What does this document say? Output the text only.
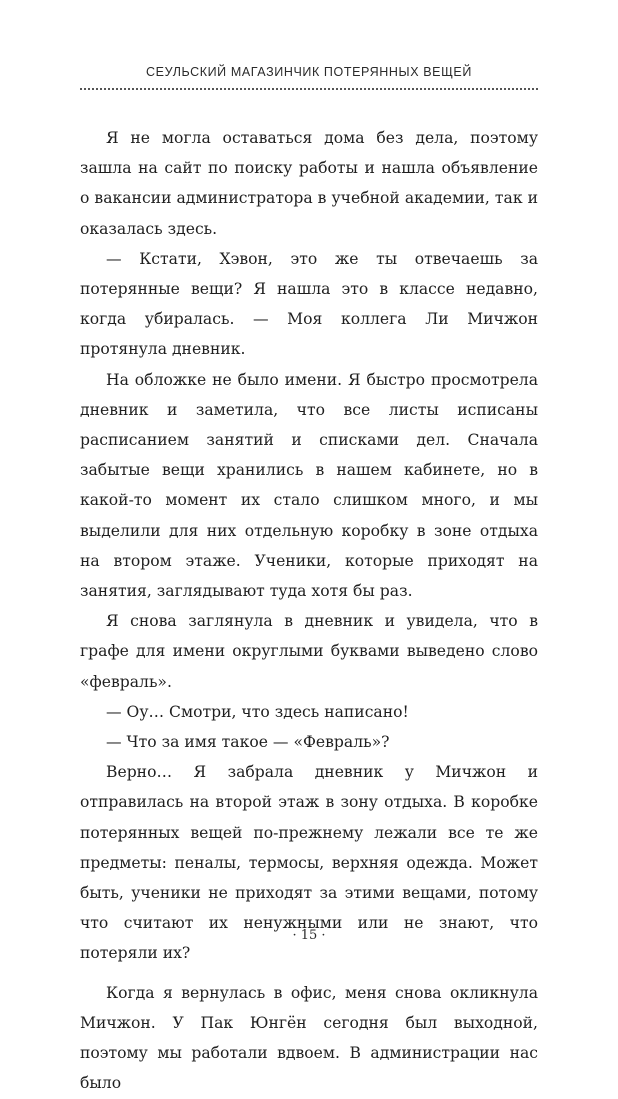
СЕУЛЬСКИЙ МАГАЗИНЧИК ПОТЕРЯННЫХ ВЕЩЕЙ

Я не могла оставаться дома без дела, поэтому зашла на сайт по поиску работы и нашла объявление о вакансии администратора в учебной академии, так и оказалась здесь.

— Кстати, Хэвон, это же ты отвечаешь за потерянные вещи? Я нашла это в классе недавно, когда убиралась. — Моя коллега Ли Мичжон протянула дневник.

На обложке не было имени. Я быстро просмотрела дневник и заметила, что все листы исписаны расписанием занятий и списками дел. Сначала забытые вещи хранились в нашем кабинете, но в какой-то момент их стало слишком много, и мы выделили для них отдельную коробку в зоне отдыха на втором этаже. Ученики, которые приходят на занятия, заглядывают туда хотя бы раз.

Я снова заглянула в дневник и увидела, что в графе для имени округлыми буквами выведено слово «февраль».

— Оу… Смотри, что здесь написано!

— Что за имя такое — «Февраль»?

Верно… Я забрала дневник у Мичжон и отправилась на второй этаж в зону отдыха. В коробке потерянных вещей по-прежнему лежали все те же предметы: пеналы, термосы, верхняя одежда. Может быть, ученики не приходят за этими вещами, потому что считают их ненужными или не знают, что потеряли их?

Когда я вернулась в офис, меня снова окликнула Мичжон. У Пак Юнгён сегодня был выходной, поэтому мы работали вдвоем. В администрации нас было

· 15 ·
